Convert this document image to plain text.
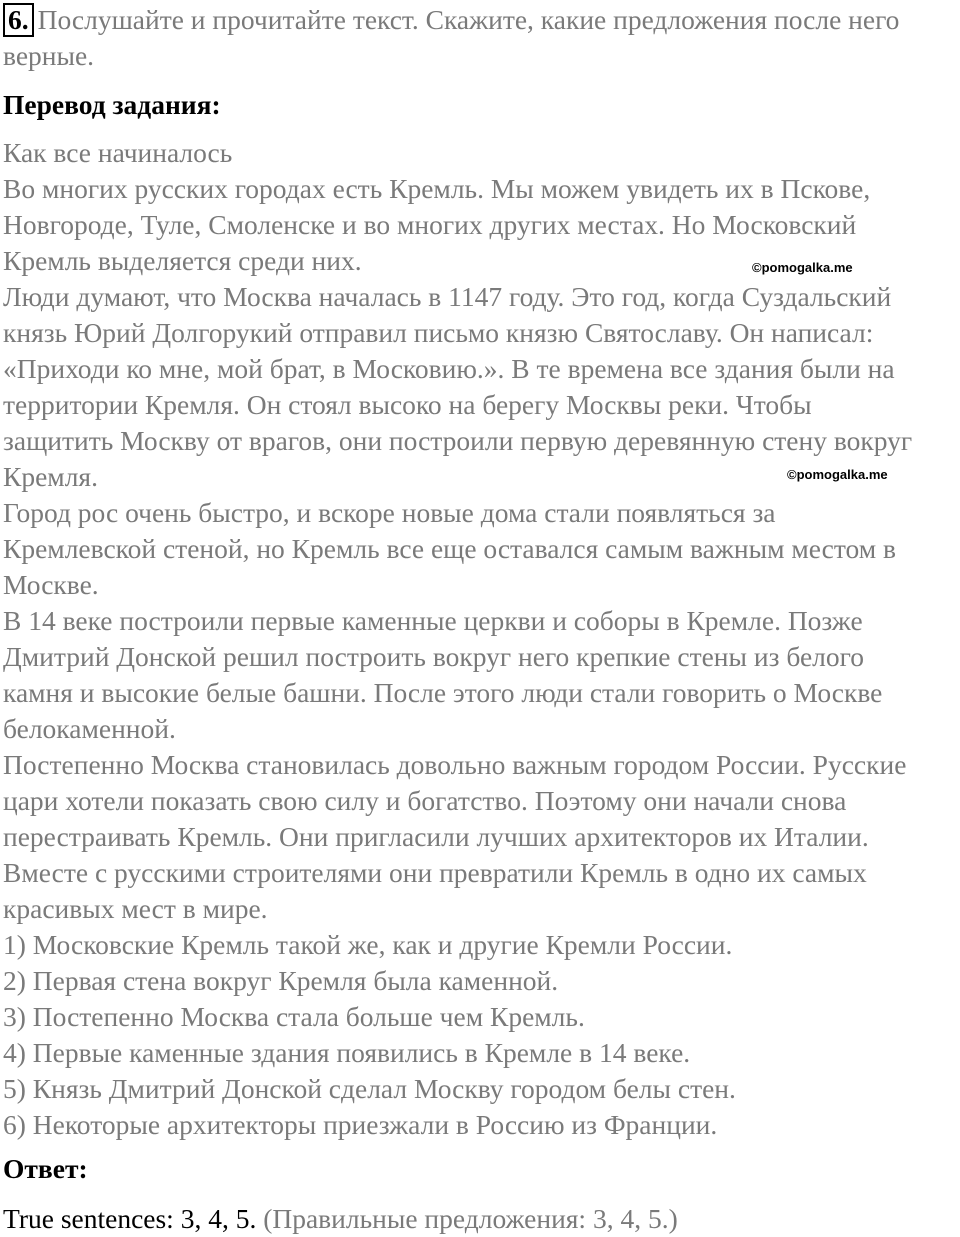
6. Послушайте и прочитайте текст. Скажите, какие предложения после него
верные.
Перевод задания:
Как все начиналось
Во многих русских городах есть Кремль. Мы можем увидеть их в Пскове,
Новгороде, Туле, Смоленске и во многих других местах. Но Московский
Кремль выделяется среди них.
Люди думают, что Москва началась в 1147 году. Это год, когда Суздальский
князь Юрий Долгорукий отправил письмо князю Святославу. Он написал:
«Приходи ко мне, мой брат, в Московию.». В те времена все здания были на
территории Кремля. Он стоял высоко на берегу Москвы реки. Чтобы
защитить Москву от врагов, они построили первую деревянную стену вокруг
Кремля.
Город рос очень быстро, и вскоре новые дома стали появляться за
Кремлевской стеной, но Кремль все еще оставался самым важным местом в
Москве.
В 14 веке построили первые каменные церкви и соборы в Кремле. Позже
Дмитрий Донской решил построить вокруг него крепкие стены из белого
камня и высокие белые башни. После этого люди стали говорить о Москве
белокаменной.
Постепенно Москва становилась довольно важным городом России. Русские
цари хотели показать свою силу и богатство. Поэтому они начали снова
перестраивать Кремль. Они пригласили лучших архитекторов их Италии.
Вместе с русскими строителями они превратили Кремль в одно их самых
красивых мест в мире.
1) Московские Кремль такой же, как и другие Кремли России.
2) Первая стена вокруг Кремля была каменной.
3) Постепенно Москва стала больше чем Кремль.
4) Первые каменные здания появились в Кремле в 14 веке.
5) Князь Дмитрий Донской сделал Москву городом белы стен.
6) Некоторые архитекторы приезжали в Россию из Франции.
Ответ:
True sentences: 3, 4, 5. (Правильные предложения: 3, 4, 5.)
©pomogalka.me
©pomogalka.me
